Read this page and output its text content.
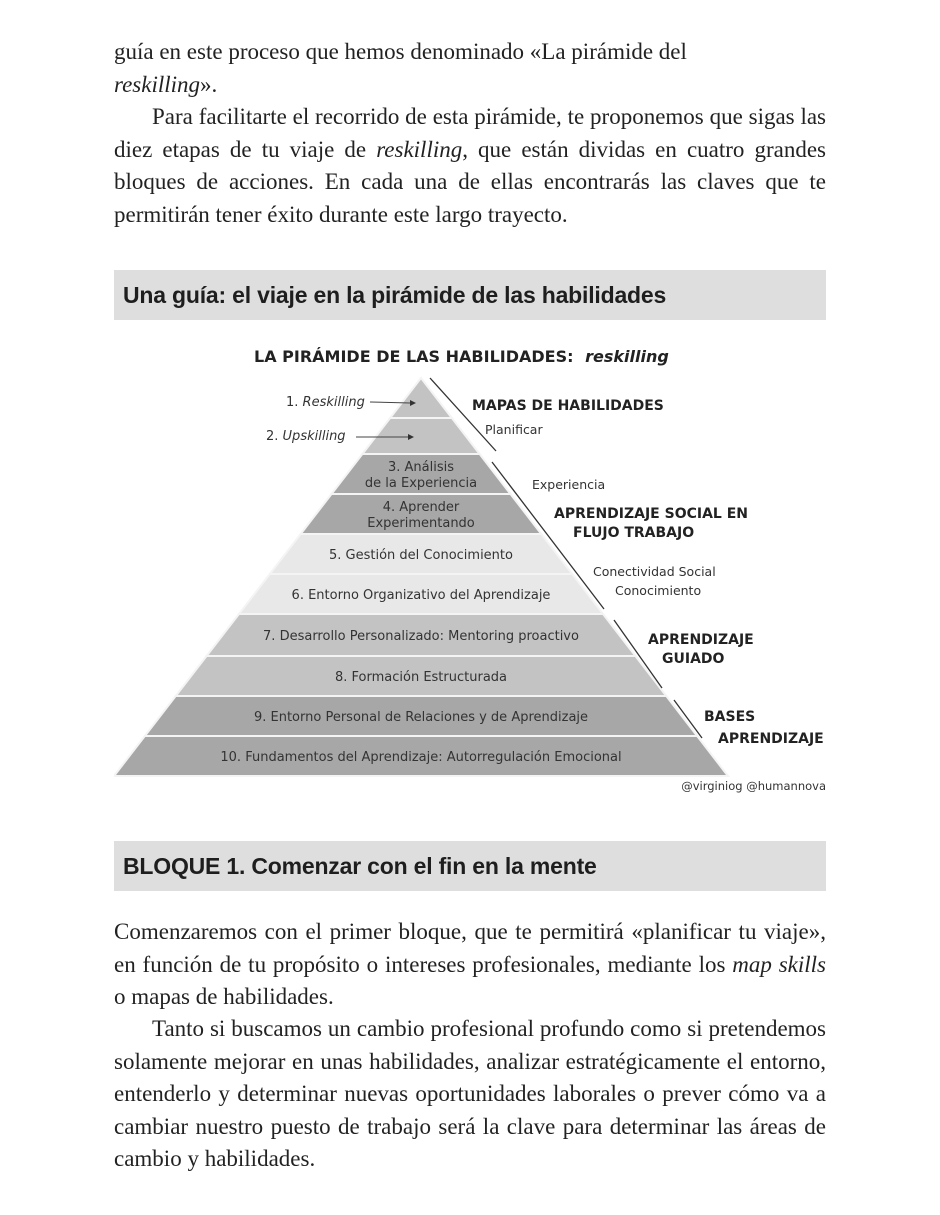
guía en este proceso que hemos denominado «La pirámide del
reskilling».

Para facilitarte el recorrido de esta pirámide, te proponemos que sigas las diez etapas de tu viaje de reskilling, que están dividas en cuatro grandes bloques de acciones. En cada una de ellas encontrarás las claves que te permitirán tener éxito durante este largo trayecto.

Una guía: el viaje en la pirámide de las habilidades
BLOQUE 1. Comenzar con el fin en la mente

Comenzaremos con el primer bloque, que te permitirá «planificar tu viaje», en función de tu propósito o intereses profesionales, mediante los map skills o mapas de habilidades.

Tanto si buscamos un cambio profesional profundo como si pretendemos solamente mejorar en unas habilidades, analizar estratégicamente el entorno, entenderlo y determinar nuevas oportunidades laborales o prever cómo va a cambiar nuestro puesto de trabajo será la clave para determinar las áreas de cambio y habilidades.

LA PIRÁMIDE DE LAS HABILIDADES: reskilling
3. Análisis de la Experiencia
4. Aprender Experimentando
5. Gestión del Conocimiento
6. Entorno Organizativo del Aprendizaje
7. Desarrollo Personalizado: Mentoring proactivo
8. Formación Estructurada
9. Entorno Personal de Relaciones y de Aprendizaje
10. Fundamentos del Aprendizaje: Autorregulación Emocional
1. Reskilling
2. Upskilling
MAPAS DE HABILIDADES
Planificar
Experiencia
APRENDIZAJE SOCIAL EN
FLUJO TRABAJO
Conectividad Social
Conocimiento
APRENDIZAJE
GUIADO
BASES
APRENDIZAJE
@virginiog @humannova
